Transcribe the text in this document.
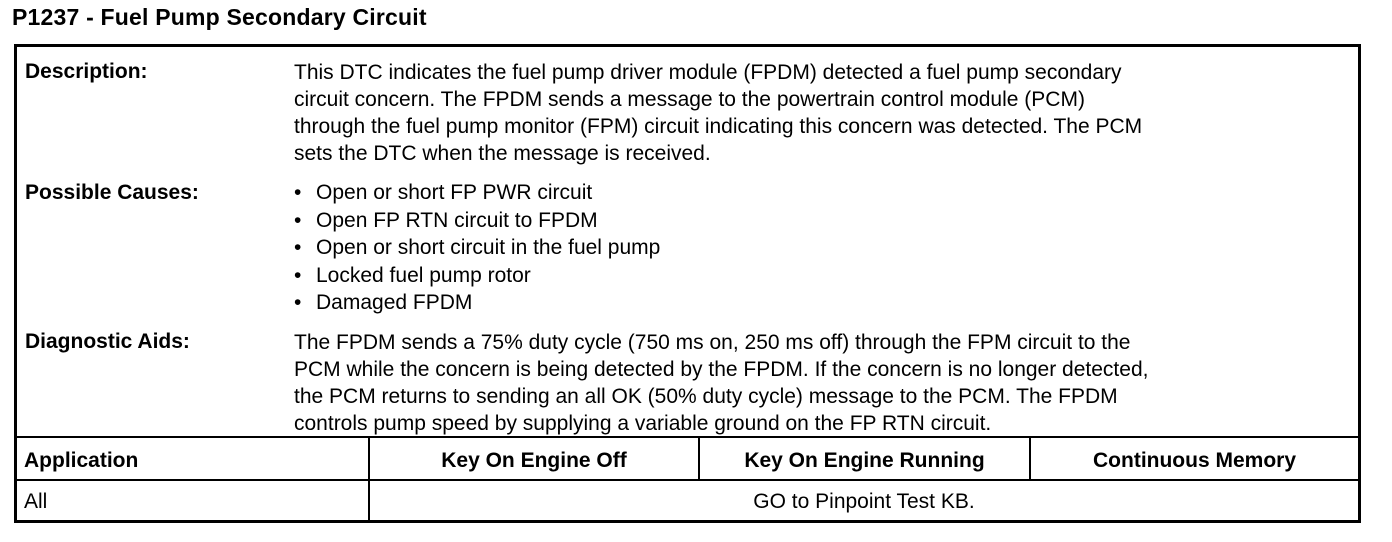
P1237 - Fuel Pump Secondary Circuit
Description:	This DTC indicates the fuel pump driver module (FPDM) detected a fuel pump secondary
circuit concern. The FPDM sends a message to the powertrain control module (PCM)
through the fuel pump monitor (FPM) circuit indicating this concern was detected. The PCM
sets the DTC when the message is received.
Possible Causes:
•	Open or short FP PWR circuit
• Open FP RTN circuit to FPDM
• Open or short circuit in the fuel pump
• Locked fuel pump rotor
• Damaged FPDM
Diagnostic Aids:	The FPDM sends a 75% duty cycle (750 ms on, 250 ms off) through the FPM circuit to the
PCM while the concern is being detected by the FPDM. If the concern is no longer detected,
the PCM returns to sending an all OK (50% duty cycle) message to the PCM. The FPDM
controls pump speed by supplying a variable ground on the FP RTN circuit.
Application	Key On Engine Off	Key On Engine Running	Continuous Memory
All	GO to Pinpoint Test KB.
